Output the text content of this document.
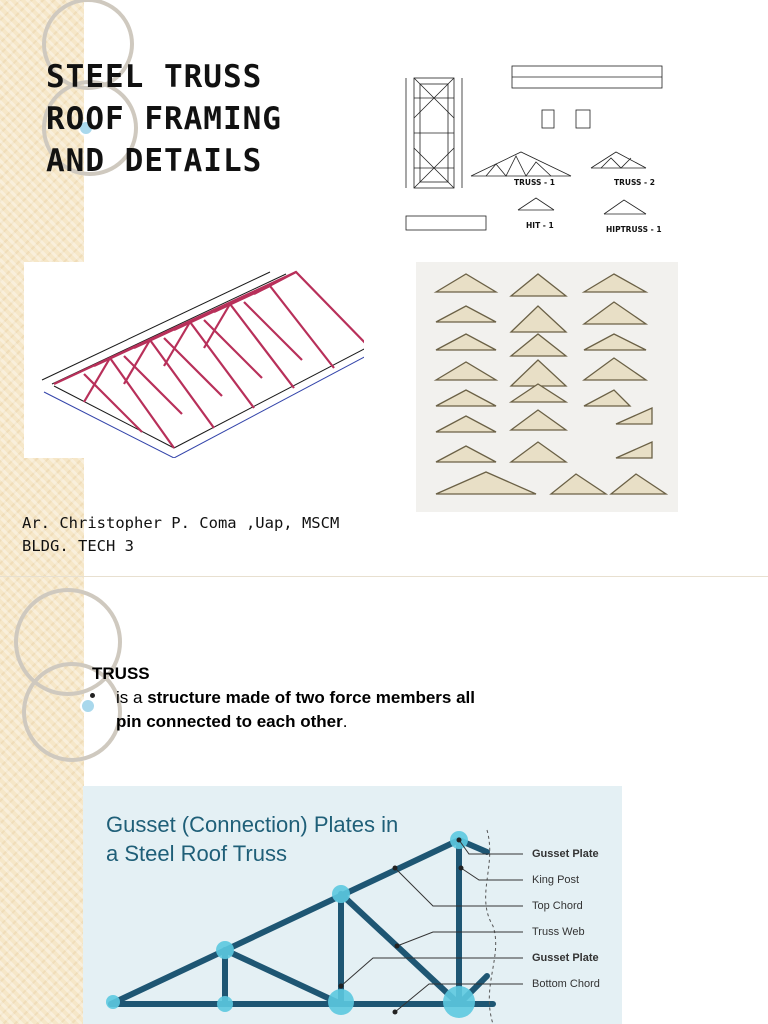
STEEL TRUSS
ROOF FRAMING
AND DETAILS
TRUSS - 1	TRUSS - 2
HIT - 1	HIPTRUSS - 1
Ar. Christopher P. Coma ,Uap, MSCM
BLDG. TECH 3
TRUSS
is a structure made of two force members all pin connected to each other.
Gusset (Connection) Plates in
a Steel Roof Truss	Gusset Plate
King Post
Top Chord
Truss Web
Gusset Plate
Bottom Chord
